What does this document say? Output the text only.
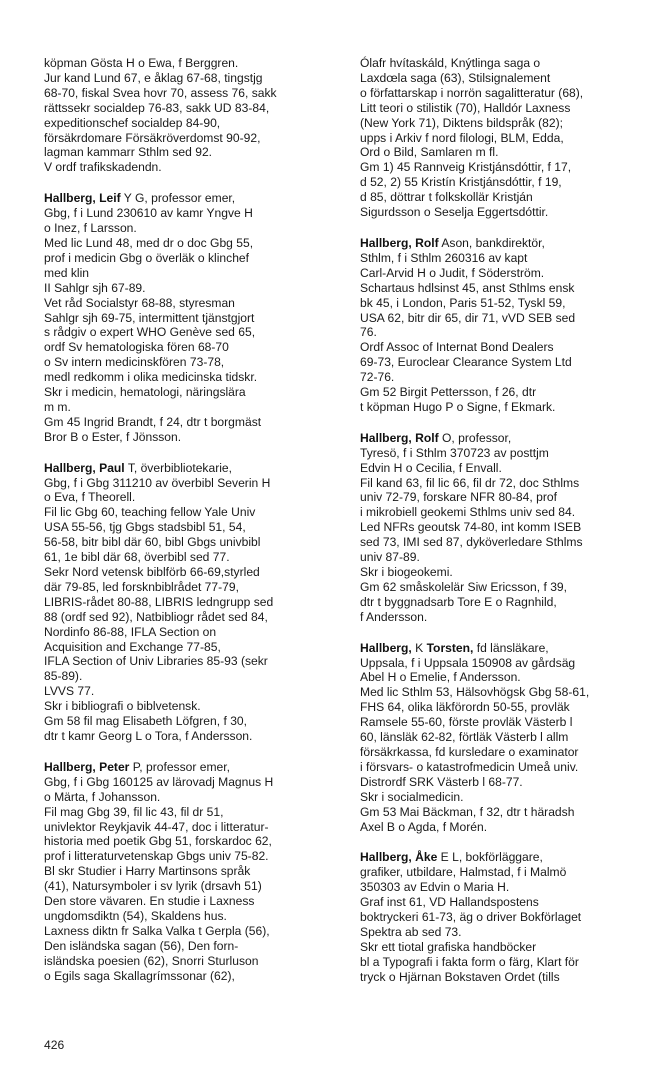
köpman Gösta H o Ewa, f Berggren.
Jur kand Lund 67, e åklag 67-68, tingstjg
68-70, fiskal Svea hovr 70, assess 76, sakk
rättssekr socialdep 76-83, sakk UD 83-84,
expeditionschef socialdep 84-90,
försäkrdomare Försäkröverdomst 90-92,
lagman kammarr Sthlm sed 92.
V ordf trafikskadendn.
Hallberg, Leif Y G, professor emer,
Gbg, f i Lund 230610 av kamr Yngve H
o Inez, f Larsson.
Med lic Lund 48, med dr o doc Gbg 55,
prof i medicin Gbg o överläk o klinchef
med klin
II Sahlgr sjh 67-89.
Vet råd Socialstyr 68-88, styresman
Sahlgr sjh 69-75, intermittent tjänstgjort
s rådgiv o expert WHO Genève sed 65,
ordf Sv hematologiska fören 68-70
o Sv intern medicinskfören 73-78,
medl redkomm i olika medicinska tidskr.
Skr i medicin, hematologi, näringslära
m m.
Gm 45 Ingrid Brandt, f 24, dtr t borgmäst
Bror B o Ester, f Jönsson.
Hallberg, Paul T, överbibliotekarie,
Gbg, f i Gbg 311210 av överbibl Severin H
o Eva, f Theorell.
Fil lic Gbg 60, teaching fellow Yale Univ
USA 55-56, tjg Gbgs stadsbibl 51, 54,
56-58, bitr bibl där 60, bibl Gbgs univbibl
61, 1e bibl där 68, överbibl sed 77.
Sekr Nord vetensk biblförb 66-69,styrled
där 79-85, led forsknbiblrådet 77-79,
LIBRIS-rådet 80-88, LIBRIS ledngrupp sed
88 (ordf sed 92), Natbibliogr rådet sed 84,
Nordinfo 86-88, IFLA Section on
Acquisition and Exchange 77-85,
IFLA Section of Univ Libraries 85-93 (sekr
85-89).
LVVS 77.
Skr i bibliografi o biblvetensk.
Gm 58 fil mag Elisabeth Löfgren, f 30,
dtr t kamr Georg L o Tora, f Andersson.
Hallberg, Peter P, professor emer,
Gbg, f i Gbg 160125 av lärovadj Magnus H
o Märta, f Johansson.
Fil mag Gbg 39, fil lic 43, fil dr 51,
univlektor Reykjavik 44-47, doc i litteratur-
historia med poetik Gbg 51, forskardoc 62,
prof i litteraturvetenskap Gbgs univ 75-82.
Bl skr Studier i Harry Martinsons språk
(41), Natursymboler i sv lyrik (drsavh 51)
Den store vävaren. En studie i Laxness
ungdomsdiktn (54), Skaldens hus.
Laxness diktn fr Salka Valka t Gerpla (56),
Den isländska sagan (56), Den forn-
isländska poesien (62), Snorri Sturluson
o Egils saga Skallagrímssonar (62),
Ólafr hvítaskáld, Knýtlinga saga o
Laxdœla saga (63), Stilsignalement
o författarskap i norrön sagalitteratur (68),
Litt teori o stilistik (70), Halldór Laxness
(New York 71), Diktens bildspråk (82);
upps i Arkiv f nord filologi, BLM, Edda,
Ord o Bild, Samlaren m fl.
Gm 1) 45 Rannveig Kristjánsdóttir, f 17,
d 52, 2) 55 Kristín Kristjánsdóttir, f 19,
d 85, döttrar t folkskollär Kristján
Sigurdsson o Seselja Eggertsdóttir.
Hallberg, Rolf Ason, bankdirektör,
Sthlm, f i Sthlm 260316 av kapt
Carl-Arvid H o Judit, f Söderström.
Schartaus hdlsinst 45, anst Sthlms ensk
bk 45, i London, Paris 51-52, Tyskl 59,
USA 62, bitr dir 65, dir 71, vVD SEB sed
76.
Ordf Assoc of Internat Bond Dealers
69-73, Euroclear Clearance System Ltd
72-76.
Gm 52 Birgit Pettersson, f 26, dtr
t köpman Hugo P o Signe, f Ekmark.
Hallberg, Rolf O, professor,
Tyresö, f i Sthlm 370723 av posttjm
Edvin H o Cecilia, f Envall.
Fil kand 63, fil lic 66, fil dr 72, doc Sthlms
univ 72-79, forskare NFR 80-84, prof
i mikrobiell geokemi Sthlms univ sed 84.
Led NFRs geoutsk 74-80, int komm ISEB
sed 73, IMI sed 87, dyköverledare Sthlms
univ 87-89.
Skr i biogeokemi.
Gm 62 småskolelär Siw Ericsson, f 39,
dtr t byggnadsarb Tore E o Ragnhild,
f Andersson.
Hallberg, K Torsten, fd länsläkare,
Uppsala, f i Uppsala 150908 av gårdsäg
Abel H o Emelie, f Andersson.
Med lic Sthlm 53, Hälsovhögsk Gbg 58-61,
FHS 64, olika läkförordn 50-55, provläk
Ramsele 55-60, förste provläk Västerb l
60, länsläk 62-82, förtläk Västerb l allm
försäkrkassa, fd kursledare o examinator
i försvars- o katastrofmedicin Umeå univ.
Distrordf SRK Västerb l 68-77.
Skr i socialmedicin.
Gm 53 Mai Bäckman, f 32, dtr t häradsh
Axel B o Agda, f Morén.
Hallberg, Åke E L, bokförläggare,
grafiker, utbildare, Halmstad, f i Malmö
350303 av Edvin o Maria H.
Graf inst 61, VD Hallandspostens
boktryckeri 61-73, äg o driver Bokförlaget
Spektra ab sed 73.
Skr ett tiotal grafiska handböcker
bl a Typografi i fakta form o färg, Klart för
tryck o Hjärnan Bokstaven Ordet (tills
426
